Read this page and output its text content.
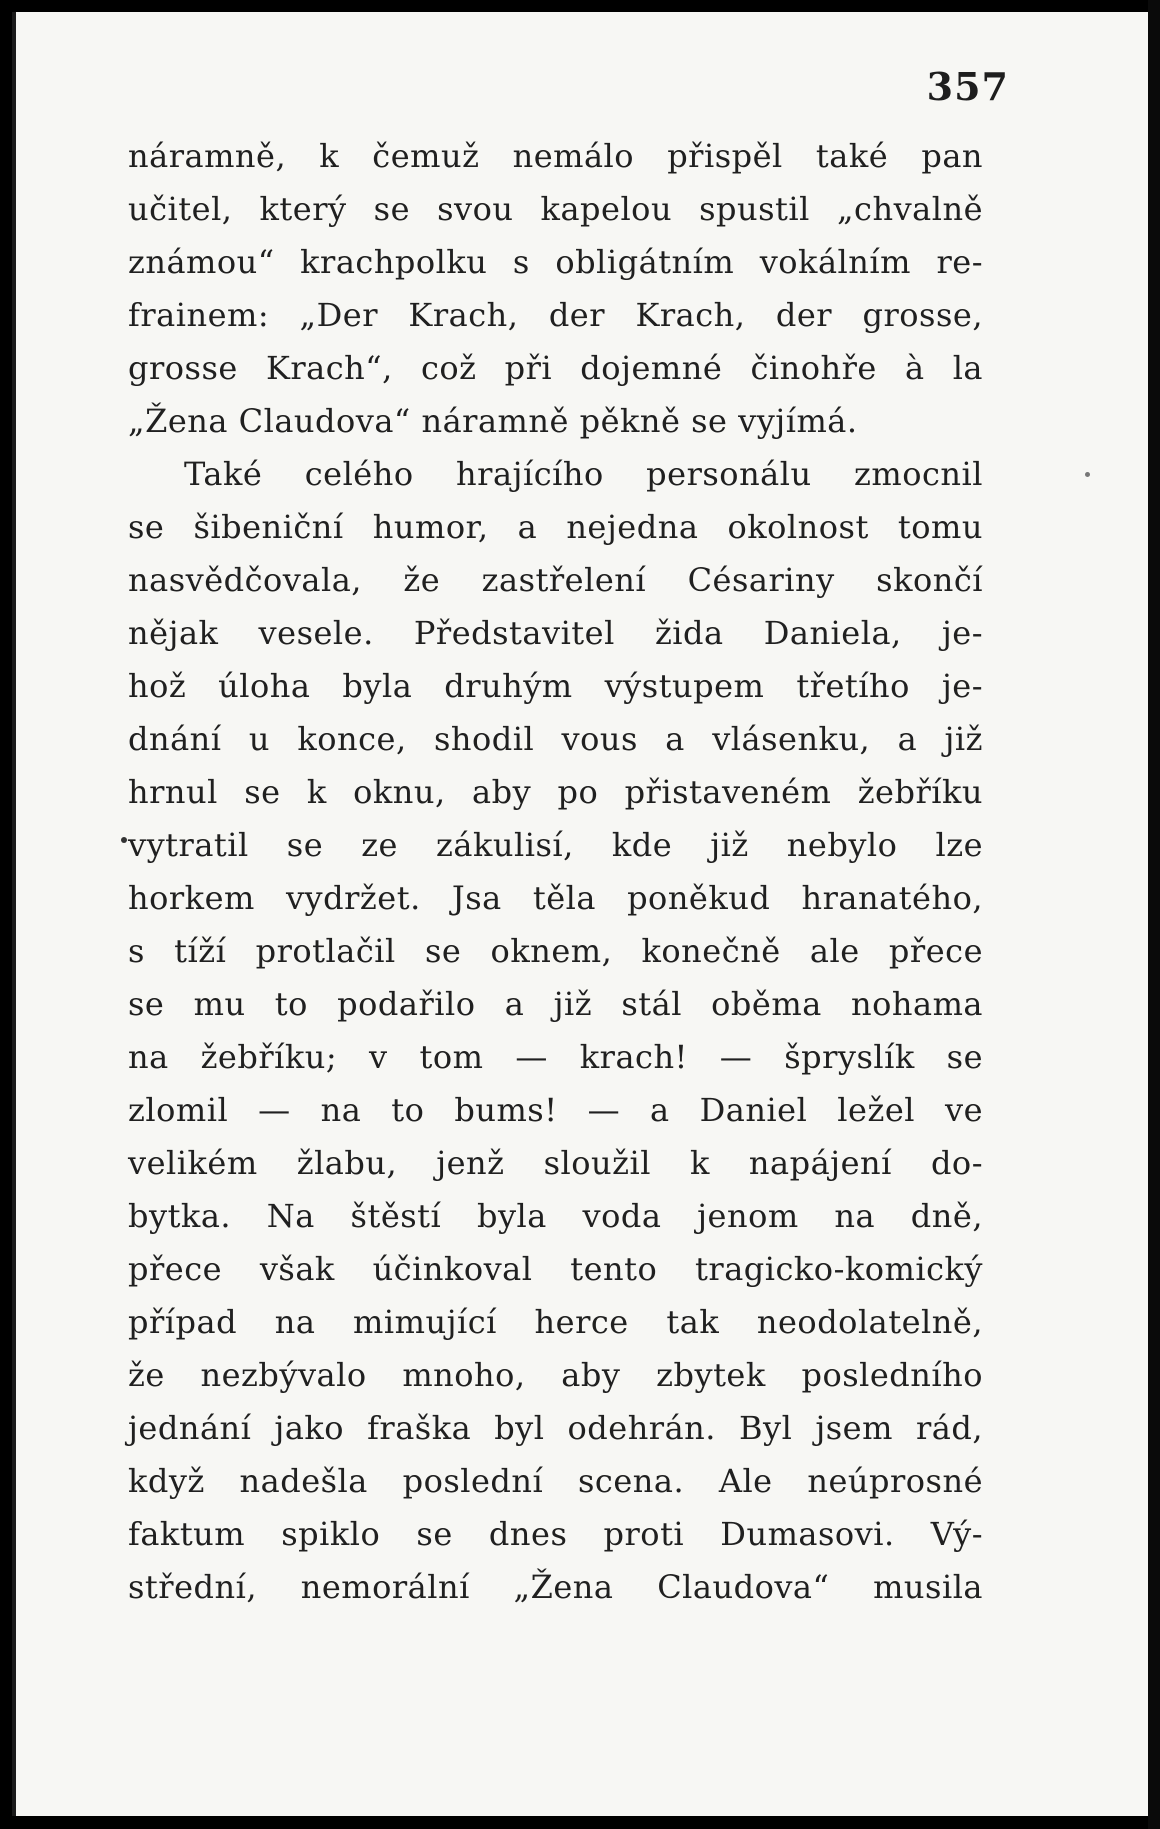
357
náramně, k čemuž nemálo přispěl také pan
učitel, který se svou kapelou spustil „chvalně
známou“ krachpolku s obligátním vokálním re-
frainem: „Der Krach, der Krach, der grosse,
grosse Krach“, což při dojemné činohře à la
„Žena Claudova“ náramně pěkně se vyjímá.
Také celého hrajícího personálu zmocnil
se šibeniční humor, a nejedna okolnost tomu
nasvědčovala, že zastřelení Césariny skončí
nějak vesele. Představitel žida Daniela, je-
hož úloha byla druhým výstupem třetího je-
dnání u konce, shodil vous a vlásenku, a již
hrnul se k oknu, aby po přistaveném žebříku
vytratil se ze zákulisí, kde již nebylo lze
horkem vydržet. Jsa těla poněkud hranatého,
s tíží protlačil se oknem, konečně ale přece
se mu to podařilo a již stál oběma nohama
na žebříku; v tom — krach! — špryslík se
zlomil — na to bums! — a Daniel ležel ve
velikém žlabu, jenž sloužil k napájení do-
bytka. Na štěstí byla voda jenom na dně,
přece však účinkoval tento tragicko-komický
případ na mimující herce tak neodolatelně,
že nezbývalo mnoho, aby zbytek posledního
jednání jako fraška byl odehrán. Byl jsem rád,
když nadešla poslední scena. Ale neúprosné
faktum spiklo se dnes proti Dumasovi. Vý-
střední, nemorální „Žena Claudova“ musila
